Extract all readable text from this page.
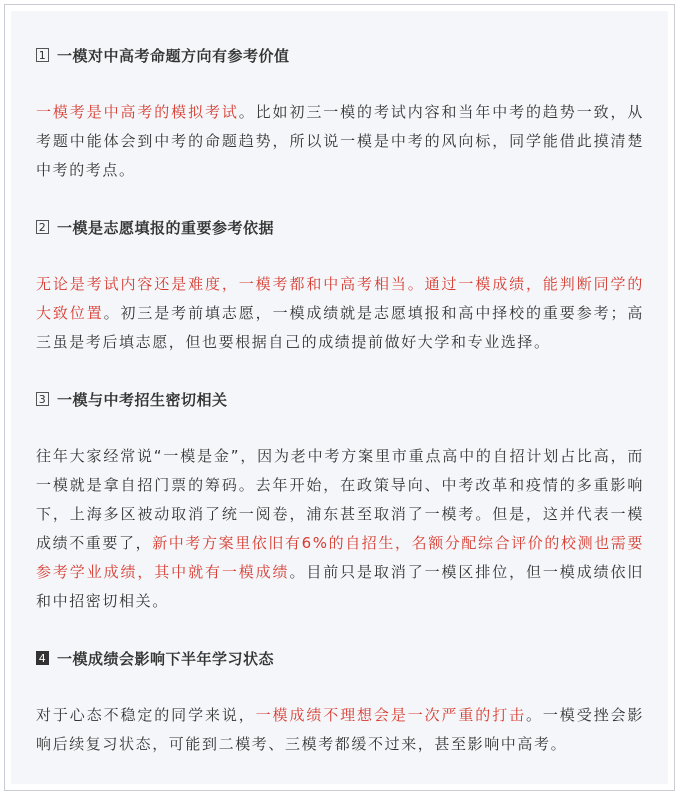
1 一模对中高考命题方向有参考价值

一模考是中高考的模拟考试。比如初三一模的考试内容和当年中考的趋势一致，从考题中能体会到中考的命题趋势，所以说一模是中考的风向标，同学能借此摸清楚中考的考点。

2 一模是志愿填报的重要参考依据

无论是考试内容还是难度，一模考都和中高考相当。通过一模成绩，能判断同学的大致位置。初三是考前填志愿，一模成绩就是志愿填报和高中择校的重要参考；高三虽是考后填志愿，但也要根据自己的成绩提前做好大学和专业选择。

3 一模与中考招生密切相关

往年大家经常说“一模是金”，因为老中考方案里市重点高中的自招计划占比高，而一模就是拿自招门票的筹码。去年开始，在政策导向、中考改革和疫情的多重影响下，上海多区被动取消了统一阅卷，浦东甚至取消了一模考。但是，这并代表一模成绩不重要了，新中考方案里依旧有6%的自招生，名额分配综合评价的校测也需要参考学业成绩，其中就有一模成绩。目前只是取消了一模区排位，但一模成绩依旧和中招密切相关。

4 一模成绩会影响下半年学习状态

对于心态不稳定的同学来说，一模成绩不理想会是一次严重的打击。一模受挫会影响后续复习状态，可能到二模考、三模考都缓不过来，甚至影响中高考。
